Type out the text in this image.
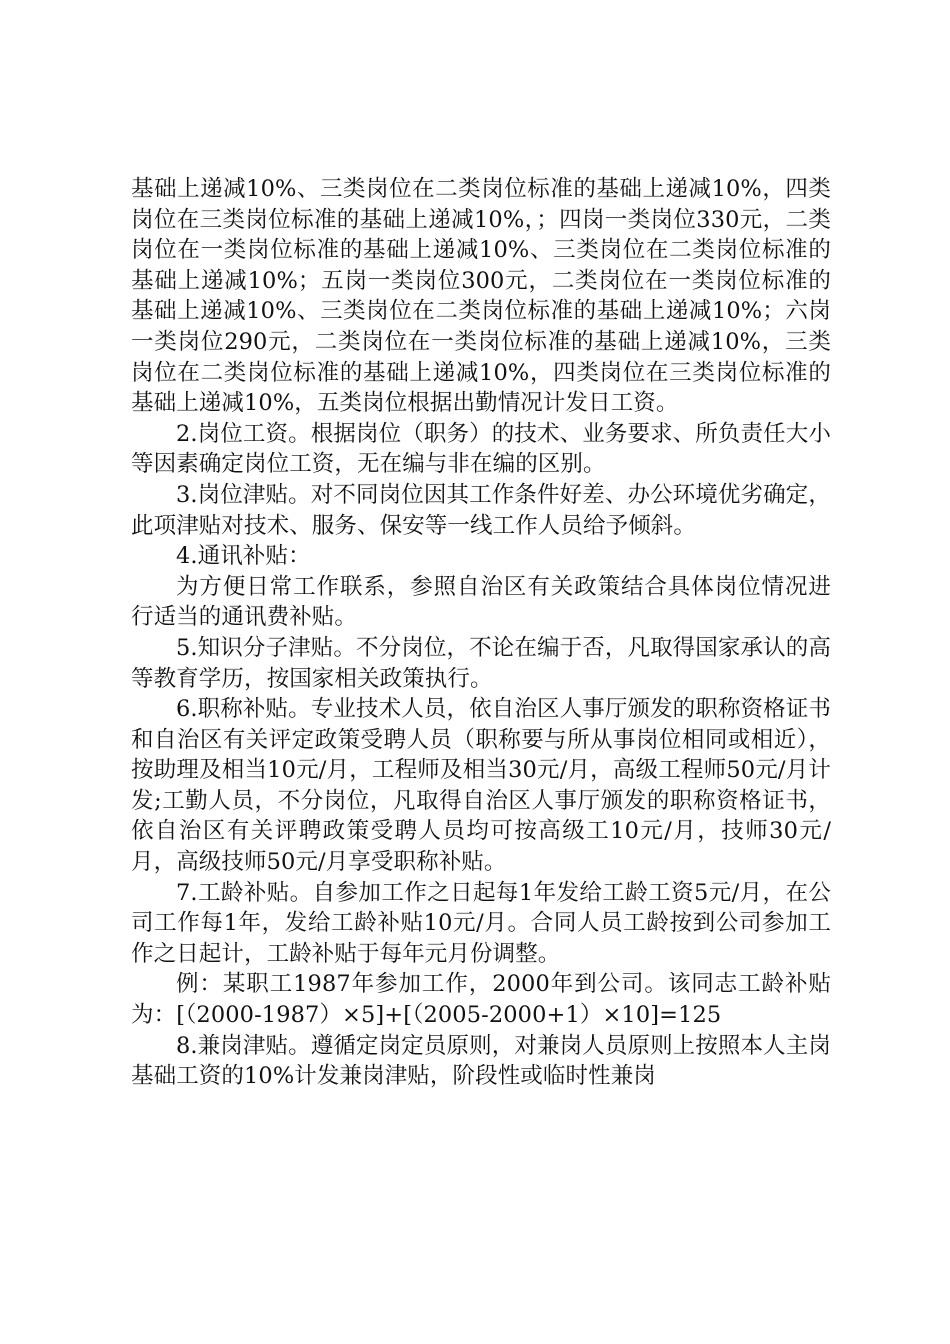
基础上递减10%、三类岗位在二类岗位标准的基础上递减10%，四类岗位在三类岗位标准的基础上递减10%，；四岗一类岗位330元，二类岗位在一类岗位标准的基础上递减10%、三类岗位在二类岗位标准的基础上递减10%；五岗一类岗位300元，二类岗位在一类岗位标准的基础上递减10%、三类岗位在二类岗位标准的基础上递减10%；六岗一类岗位290元，二类岗位在一类岗位标准的基础上递减10%，三类岗位在二类岗位标准的基础上递减10%，四类岗位在三类岗位标准的基础上递减10%，五类岗位根据出勤情况计发日工资。

2.岗位工资。根据岗位（职务）的技术、业务要求、所负责任大小等因素确定岗位工资，无在编与非在编的区别。

3.岗位津贴。对不同岗位因其工作条件好差、办公环境优劣确定，此项津贴对技术、服务、保安等一线工作人员给予倾斜。

4.通讯补贴：

为方便日常工作联系，参照自治区有关政策结合具体岗位情况进行适当的通讯费补贴。

5.知识分子津贴。不分岗位，不论在编于否，凡取得国家承认的高等教育学历，按国家相关政策执行。

6.职称补贴。专业技术人员，依自治区人事厅颁发的职称资格证书和自治区有关评定政策受聘人员（职称要与所从事岗位相同或相近），按助理及相当10元/月，工程师及相当30元/月，高级工程师50元/月计发;工勤人员，不分岗位，凡取得自治区人事厅颁发的职称资格证书，依自治区有关评聘政策受聘人员均可按高级工10元/月，技师30元/月，高级技师50元/月享受职称补贴。

7.工龄补贴。自参加工作之日起每1年发给工龄工资5元/月，在公司工作每1年，发给工龄补贴10元/月。合同人员工龄按到公司参加工作之日起计，工龄补贴于每年元月份调整。

例：某职工1987年参加工作，2000年到公司。该同志工龄补贴为：[（2000-1987）×5]+[（2005-2000+1）×10]=125

8.兼岗津贴。遵循定岗定员原则，对兼岗人员原则上按照本人主岗基础工资的10%计发兼岗津贴，阶段性或临时性兼岗
